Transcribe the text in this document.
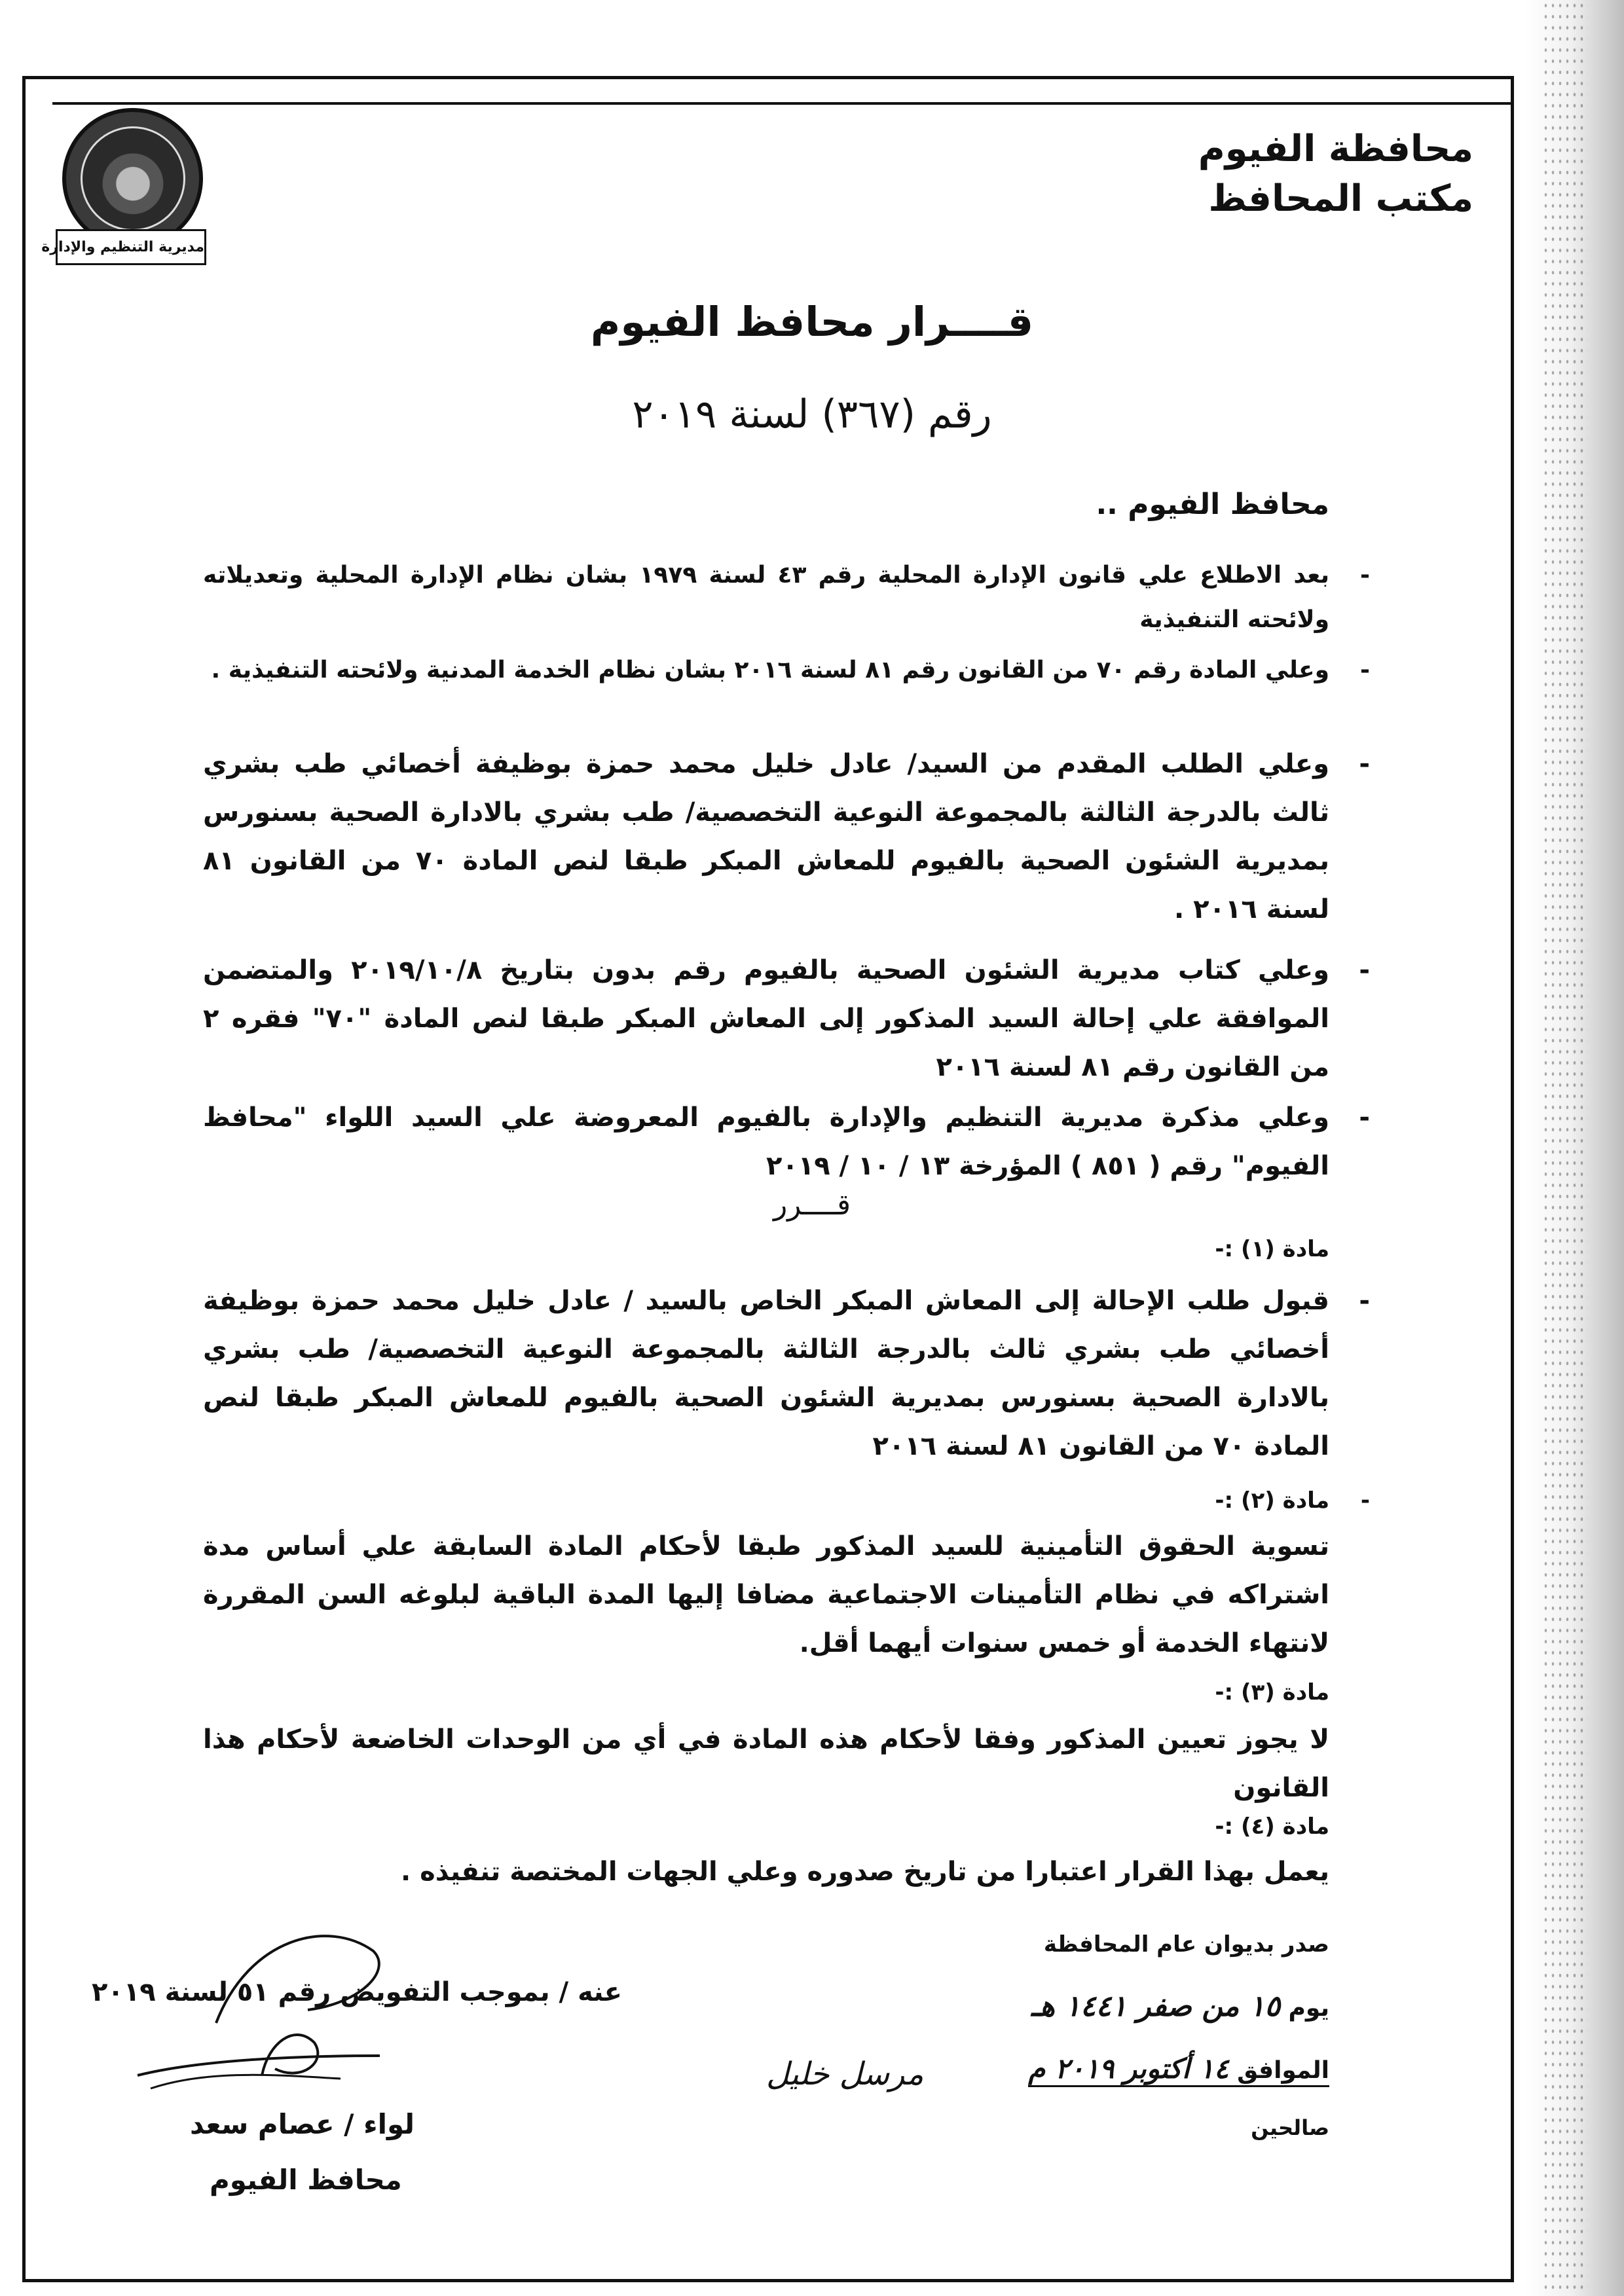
مديرية التنظيم والإدارة
محافظة الفيوم
مكتب المحافظ
قــــرار محافظ الفيوم
رقم (٣٦٧) لسنة ٢٠١٩
محافظ الفيوم ..
-
بعد الاطلاع علي قانون الإدارة المحلية رقم ٤٣ لسنة ١٩٧٩ بشان نظام الإدارة المحلية وتعديلاته ولائحته التنفيذية
-
وعلي المادة رقم ٧٠ من القانون رقم ٨١ لسنة ٢٠١٦ بشان نظام الخدمة المدنية ولائحته التنفيذية .
-
وعلي الطلب المقدم من السيد/ عادل خليل محمد حمزة بوظيفة أخصائي طب بشري ثالث بالدرجة الثالثة بالمجموعة النوعية التخصصية/ طب بشري بالادارة الصحية بسنورس بمديرية الشئون الصحية بالفيوم للمعاش المبكر طبقا لنص المادة ٧٠ من القانون ٨١ لسنة ٢٠١٦ .
-
وعلي كتاب مديرية الشئون الصحية بالفيوم رقم بدون بتاريخ ٢٠١٩/١٠/٨ والمتضمن الموافقة علي إحالة السيد المذكور إلى المعاش المبكر طبقا لنص المادة "٧٠" فقره ٢ من القانون رقم ٨١ لسنة ٢٠١٦
-
وعلي مذكرة مديرية التنظيم والإدارة بالفيوم المعروضة علي السيد اللواء "محافظ الفيوم" رقم ( ٨٥١ ) المؤرخة ١٣ / ١٠ / ٢٠١٩
قــــرر
مادة (١) :-
-
قبول طلب الإحالة إلى المعاش المبكر الخاص بالسيد / عادل خليل محمد حمزة بوظيفة أخصائي طب بشري ثالث بالدرجة الثالثة بالمجموعة النوعية التخصصية/ طب بشري بالادارة الصحية بسنورس بمديرية الشئون الصحية بالفيوم للمعاش المبكر طبقا لنص المادة ٧٠ من القانون ٨١ لسنة ٢٠١٦
-
مادة (٢) :-
تسوية الحقوق التأمينية للسيد المذكور طبقا لأحكام المادة السابقة علي أساس مدة اشتراكه في نظام التأمينات الاجتماعية مضافا إليها المدة الباقية لبلوغه السن المقررة لانتهاء الخدمة أو خمس سنوات أيهما أقل.
مادة (٣) :-
لا يجوز تعيين المذكور وفقا لأحكام هذه المادة في أي من الوحدات الخاضعة لأحكام هذا القانون
مادة (٤) :-
يعمل بهذا القرار اعتبارا من تاريخ صدوره وعلي الجهات المختصة تنفيذه .
صدر بديوان عام المحافظة
يوم ١٥ من صفر ١٤٤١ هـ
الموافق ١٤ أكتوبر ٢٠١٩ م
صالحين
مرسل خليل
عنه / بموجب التفويض رقم ٥١ لسنة ٢٠١٩
لواء / عصام سعد
محافظ الفيوم
